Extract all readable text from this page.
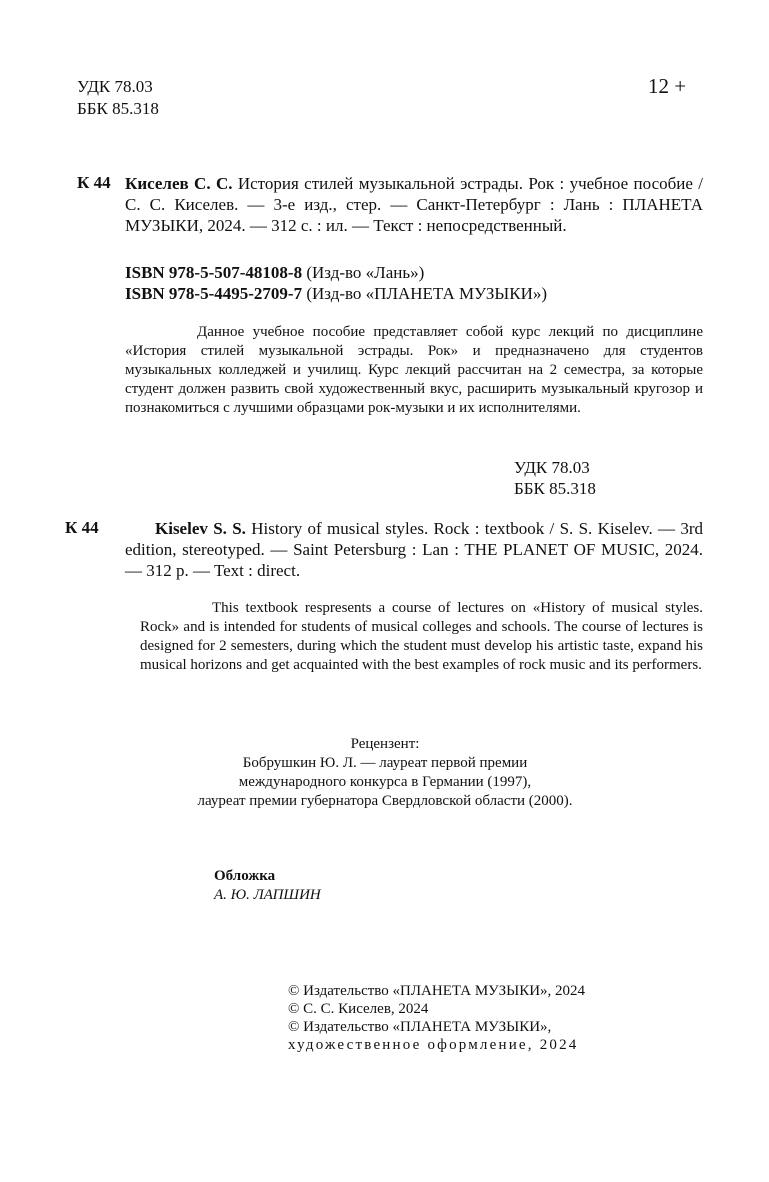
УДК 78.03
ББК 85.318
12 +
К 44 Киселев С. С. История стилей музыкальной эстрады. Рок : учебное пособие / С. С. Киселев. — 3-е изд., стер. — Санкт-Петербург : Лань : ПЛАНЕТА МУЗЫКИ, 2024. — 312 с. : ил. — Текст : непосредственный.
ISBN 978-5-507-48108-8 (Изд-во «Лань»)
ISBN 978-5-4495-2709-7 (Изд-во «ПЛАНЕТА МУЗЫКИ»)
Данное учебное пособие представляет собой курс лекций по дисциплине «История стилей музыкальной эстрады. Рок» и предназначено для студентов музыкальных колледжей и училищ. Курс лекций рассчитан на 2 семестра, за которые студент должен развить свой художественный вкус, расширить музыкальный кругозор и познакомиться с лучшими образцами рок-музыки и их исполнителями.
УДК 78.03
ББК 85.318
К 44	Kiselev S. S. History of musical styles. Rock : textbook / S. S. Kiselev. — 3rd edition, stereotyped. — Saint Petersburg : Lan : THE PLANET OF MUSIC, 2024. — 312 p. — Text : direct.
This textbook respresents a course of lectures on «History of musical styles. Rock» and is intended for students of musical colleges and schools. The course of lectures is designed for 2 semesters, during which the student must develop his artistic taste, expand his musical horizons and get acquainted with the best examples of rock music and its performers.
Рецензент:
Бобрушкин Ю. Л. — лауреат первой премии
международного конкурса в Германии (1997),
лауреат премии губернатора Свердловской области (2000).
Обложка
А. Ю. ЛАПШИН
© Издательство «ПЛАНЕТА МУЗЫКИ», 2024
© С. С. Киселев, 2024
© Издательство «ПЛАНЕТА МУЗЫКИ»,
художественное оформление, 2024
